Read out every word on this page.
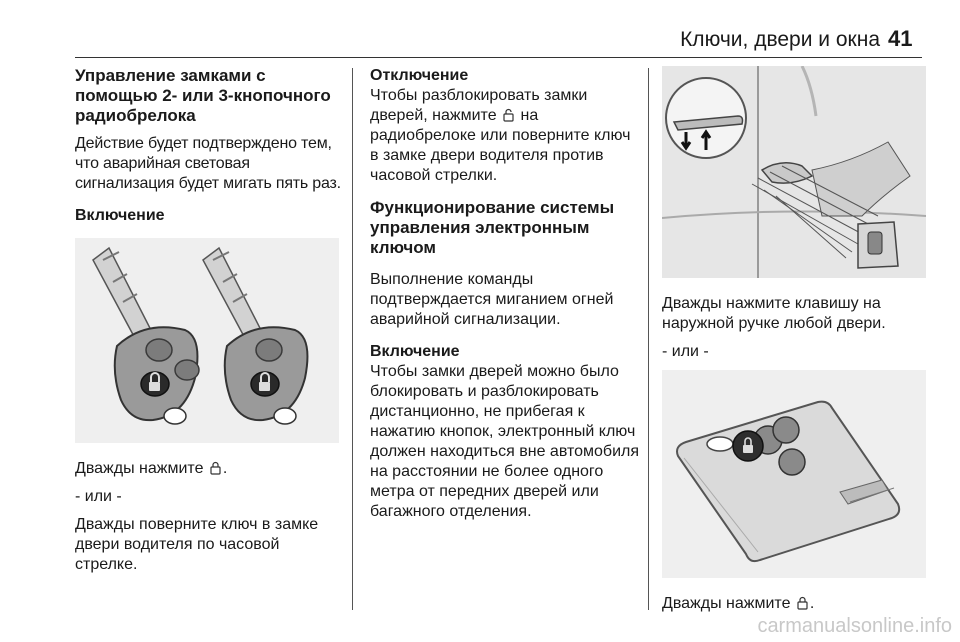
Ключи, двери и окна 41

Управление замками с помощью 2- или 3-кнопочного радиобрелока

Действие будет подтверждено тем, что аварийная световая сигнализация будет мигать пять раз.

Включение

Дважды нажмите .

- или -

Дважды поверните ключ в замке двери водителя по часовой стрелке.

Отключение

Чтобы разблокировать замки дверей, нажмите на радиобрелоке или поверните ключ в замке двери водителя против часовой стрелки.

Функционирование системы управления электронным ключом

Выполнение команды подтверждается миганием огней аварийной сигнализации.

Включение

Чтобы замки дверей можно было блокировать и разблокировать дистанционно, не прибегая к нажатию кнопок, электронный ключ должен находиться вне автомобиля на расстоянии не более одного метра от передних дверей или багажного отделения.

Дважды нажмите клавишу на наружной ручке любой двери.

- или -

Дважды нажмите .

carmanualsonline.info
